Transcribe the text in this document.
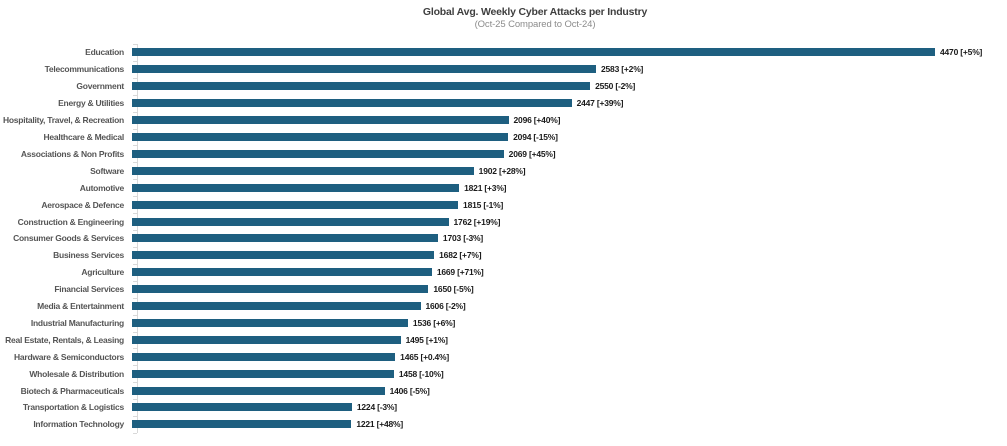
Global Avg. Weekly Cyber Attacks per Industry
(Oct-25 Compared to Oct-24)
Education	4470 [+5%]
Telecommunications	2583 [+2%]
Government	2550 [-2%]
Energy & Utilities	2447 [+39%]
Hospitality, Travel, & Recreation	2096 [+40%]
Healthcare & Medical	2094 [-15%]
Associations & Non Profits	2069 [+45%]
Software	1902 [+28%]
Automotive	1821 [+3%]
Aerospace & Defence	1815 [-1%]
Construction & Engineering	1762 [+19%]
Consumer Goods & Services	1703 [-3%]
Business Services	1682 [+7%]
Agriculture	1669 [+71%]
Financial Services	1650 [-5%]
Media & Entertainment	1606 [-2%]
Industrial Manufacturing	1536 [+6%]
Real Estate, Rentals, & Leasing	1495 [+1%]
Hardware & Semiconductors	1465 [+0.4%]
Wholesale & Distribution	1458 [-10%]
Biotech & Pharmaceuticals	1406 [-5%]
Transportation & Logistics	1224 [-3%]
Information Technology	1221 [+48%]
